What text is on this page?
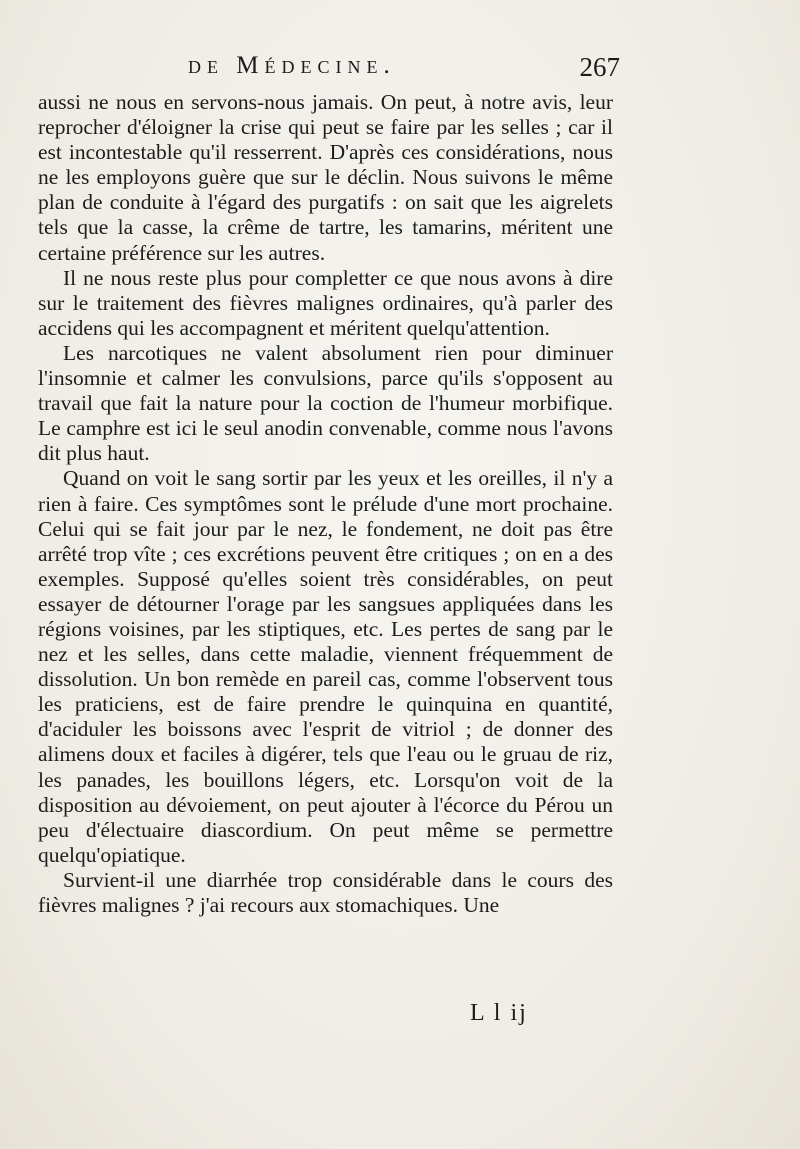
de Médecine.	267

aussi ne nous en servons-nous jamais. On peut, à notre avis, leur reprocher d'éloigner la crise qui peut se faire par les selles ; car il est incontestable qu'il resserrent. D'après ces considérations, nous ne les employons guère que sur le déclin. Nous suivons le même plan de conduite à l'égard des purgatifs : on sait que les aigrelets tels que la casse, la crême de tartre, les tamarins, méritent une certaine préférence sur les autres.

Il ne nous reste plus pour completter ce que nous avons à dire sur le traitement des fièvres malignes ordinaires, qu'à parler des accidens qui les accompagnent et méritent quelqu'attention.

Les narcotiques ne valent absolument rien pour diminuer l'insomnie et calmer les convulsions, parce qu'ils s'opposent au travail que fait la nature pour la coction de l'humeur morbifique. Le camphre est ici le seul anodin convenable, comme nous l'avons dit plus haut.

Quand on voit le sang sortir par les yeux et les oreilles, il n'y a rien à faire. Ces symptômes sont le prélude d'une mort prochaine. Celui qui se fait jour par le nez, le fondement, ne doit pas être arrêté trop vîte ; ces excrétions peuvent être critiques ; on en a des exemples. Supposé qu'elles soient très considérables, on peut essayer de détourner l'orage par les sangsues appliquées dans les régions voisines, par les stiptiques, etc. Les pertes de sang par le nez et les selles, dans cette maladie, viennent fréquemment de dissolution. Un bon remède en pareil cas, comme l'observent tous les praticiens, est de faire prendre le quinquina en quantité, d'aciduler les boissons avec l'esprit de vitriol ; de donner des alimens doux et faciles à digérer, tels que l'eau ou le gruau de riz, les panades, les bouillons légers, etc. Lorsqu'on voit de la disposition au dévoiement, on peut ajouter à l'écorce du Pérou un peu d'électuaire diascordium. On peut même se permettre quelqu'opiatique.

Survient-il une diarrhée trop considérable dans le cours des fièvres malignes ? j'ai recours aux stomachiques. Une

L l ij
